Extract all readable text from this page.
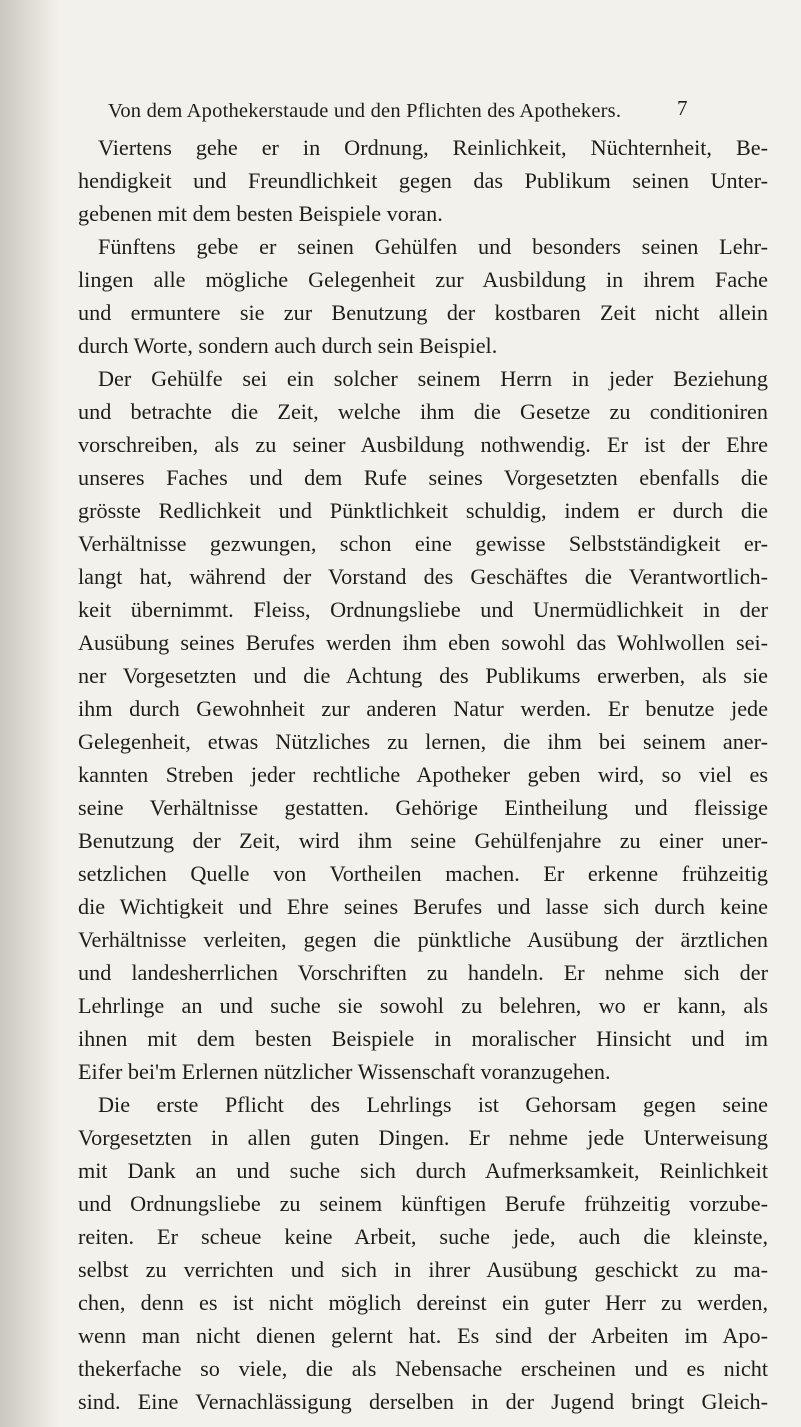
Von dem Apothekerstaude und den Pflichten des Apothekers.	7
Viertens gehe er in Ordnung, Reinlichkeit, Nüchternheit, Be-
hendigkeit und Freundlichkeit gegen das Publikum seinen Unter-
gebenen mit dem besten Beispiele voran.
Fünftens gebe er seinen Gehülfen und besonders seinen Lehr-
lingen alle mögliche Gelegenheit zur Ausbildung in ihrem Fache
und ermuntere sie zur Benutzung der kostbaren Zeit nicht allein
durch Worte, sondern auch durch sein Beispiel.
Der Gehülfe sei ein solcher seinem Herrn in jeder Beziehung
und betrachte die Zeit, welche ihm die Gesetze zu conditioniren
vorschreiben, als zu seiner Ausbildung nothwendig. Er ist der Ehre
unseres Faches und dem Rufe seines Vorgesetzten ebenfalls die
grösste Redlichkeit und Pünktlichkeit schuldig, indem er durch die
Verhältnisse gezwungen, schon eine gewisse Selbstständigkeit er-
langt hat, während der Vorstand des Geschäftes die Verantwortlich-
keit übernimmt. Fleiss, Ordnungsliebe und Unermüdlichkeit in der
Ausübung seines Berufes werden ihm eben sowohl das Wohlwollen sei-
ner Vorgesetzten und die Achtung des Publikums erwerben, als sie
ihm durch Gewohnheit zur anderen Natur werden. Er benutze jede
Gelegenheit, etwas Nützliches zu lernen, die ihm bei seinem aner-
kannten Streben jeder rechtliche Apotheker geben wird, so viel es
seine Verhältnisse gestatten. Gehörige Eintheilung und fleissige
Benutzung der Zeit, wird ihm seine Gehülfenjahre zu einer uner-
setzlichen Quelle von Vortheilen machen. Er erkenne frühzeitig
die Wichtigkeit und Ehre seines Berufes und lasse sich durch keine
Verhältnisse verleiten, gegen die pünktliche Ausübung der ärztlichen
und landesherrlichen Vorschriften zu handeln. Er nehme sich der
Lehrlinge an und suche sie sowohl zu belehren, wo er kann, als
ihnen mit dem besten Beispiele in moralischer Hinsicht und im
Eifer bei'm Erlernen nützlicher Wissenschaft voranzugehen.
Die erste Pflicht des Lehrlings ist Gehorsam gegen seine
Vorgesetzten in allen guten Dingen. Er nehme jede Unterweisung
mit Dank an und suche sich durch Aufmerksamkeit, Reinlichkeit
und Ordnungsliebe zu seinem künftigen Berufe frühzeitig vorzube-
reiten. Er scheue keine Arbeit, suche jede, auch die kleinste,
selbst zu verrichten und sich in ihrer Ausübung geschickt zu ma-
chen, denn es ist nicht möglich dereinst ein guter Herr zu werden,
wenn man nicht dienen gelernt hat. Es sind der Arbeiten im Apo-
thekerfache so viele, die als Nebensache erscheinen und es nicht
sind. Eine Vernachlässigung derselben in der Jugend bringt Gleich-
